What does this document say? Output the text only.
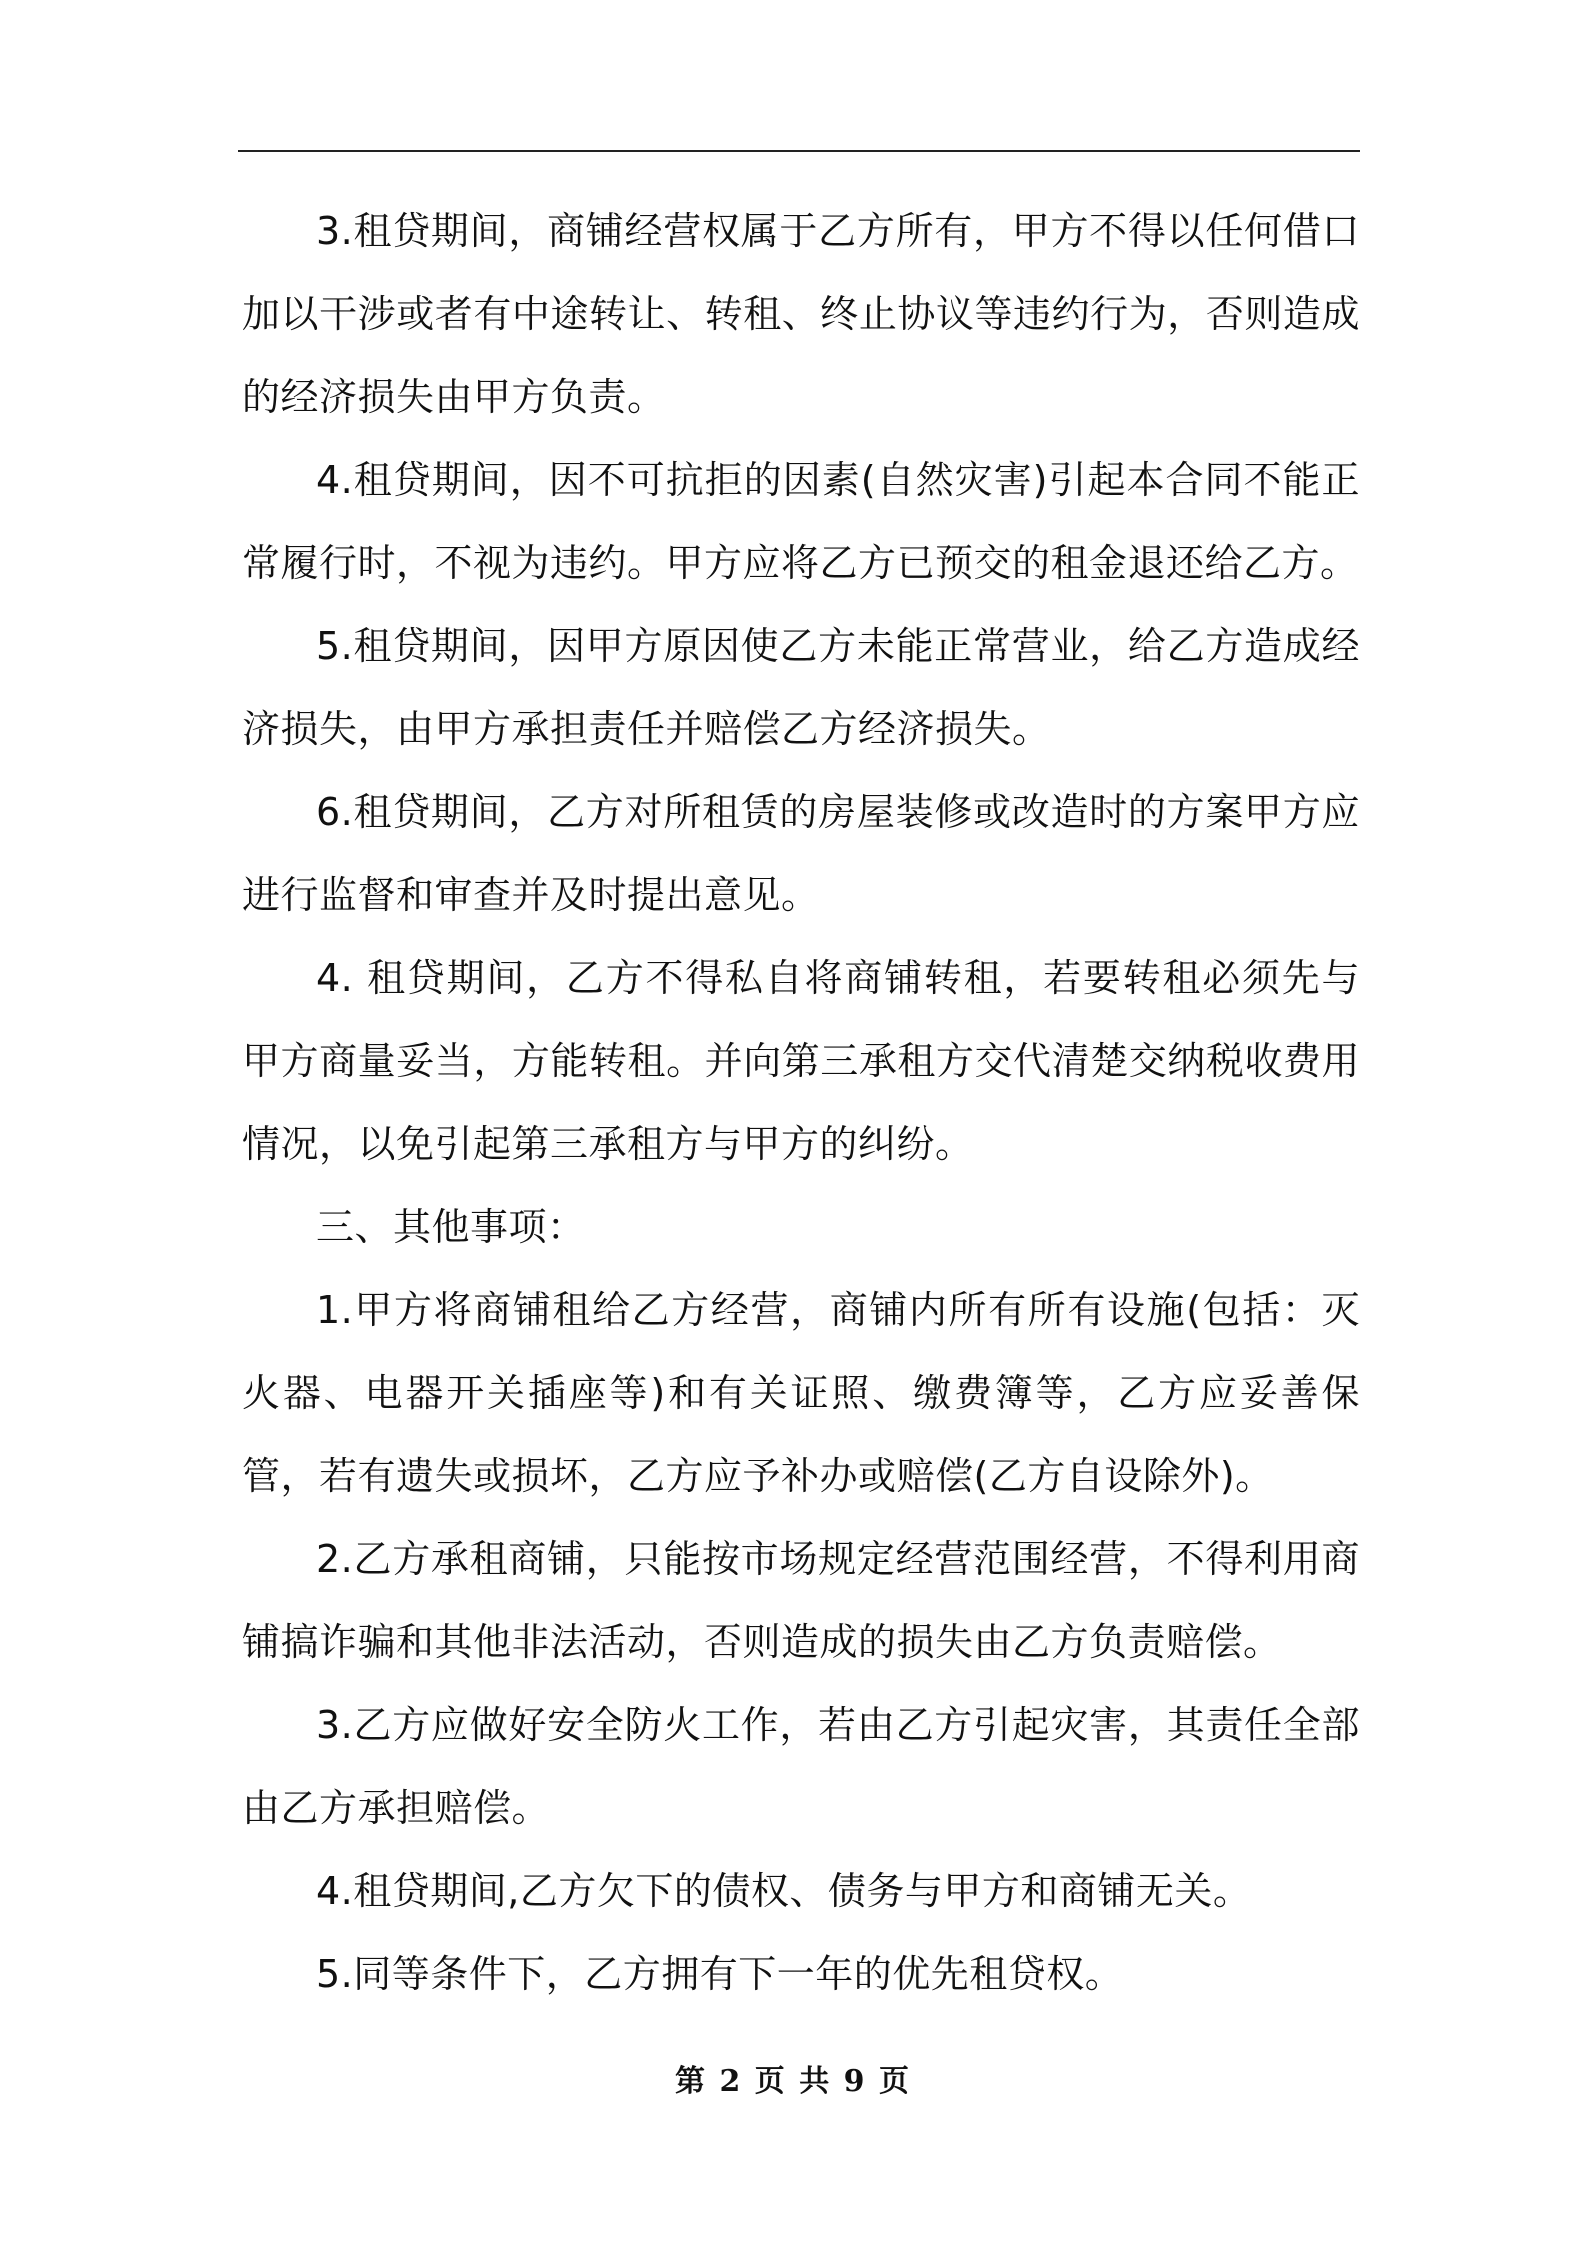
3.租贷期间，商铺经营权属于乙方所有，甲方不得以任何借口加以干涉或者有中途转让、转租、终止协议等违约行为，否则造成的经济损失由甲方负责。

4.租贷期间，因不可抗拒的因素(自然灾害)引起本合同不能正常履行时，不视为违约。甲方应将乙方已预交的租金退还给乙方。

5.租贷期间，因甲方原因使乙方未能正常营业，给乙方造成经济损失，由甲方承担责任并赔偿乙方经济损失。

6.租贷期间，乙方对所租赁的房屋装修或改造时的方案甲方应进行监督和审查并及时提出意见。

4. 租贷期间，乙方不得私自将商铺转租，若要转租必须先与甲方商量妥当，方能转租。并向第三承租方交代清楚交纳税收费用情况，以免引起第三承租方与甲方的纠纷。

三、其他事项：

1.甲方将商铺租给乙方经营，商铺内所有所有设施(包括：灭火器、电器开关插座等)和有关证照、缴费簿等，乙方应妥善保管，若有遗失或损坏，乙方应予补办或赔偿(乙方自设除外)。

2.乙方承租商铺，只能按市场规定经营范围经营，不得利用商铺搞诈骗和其他非法活动，否则造成的损失由乙方负责赔偿。

3.乙方应做好安全防火工作，若由乙方引起灾害，其责任全部由乙方承担赔偿。

4.租贷期间,乙方欠下的债权、债务与甲方和商铺无关。

5.同等条件下，乙方拥有下一年的优先租贷权。

第 2 页 共 9 页
